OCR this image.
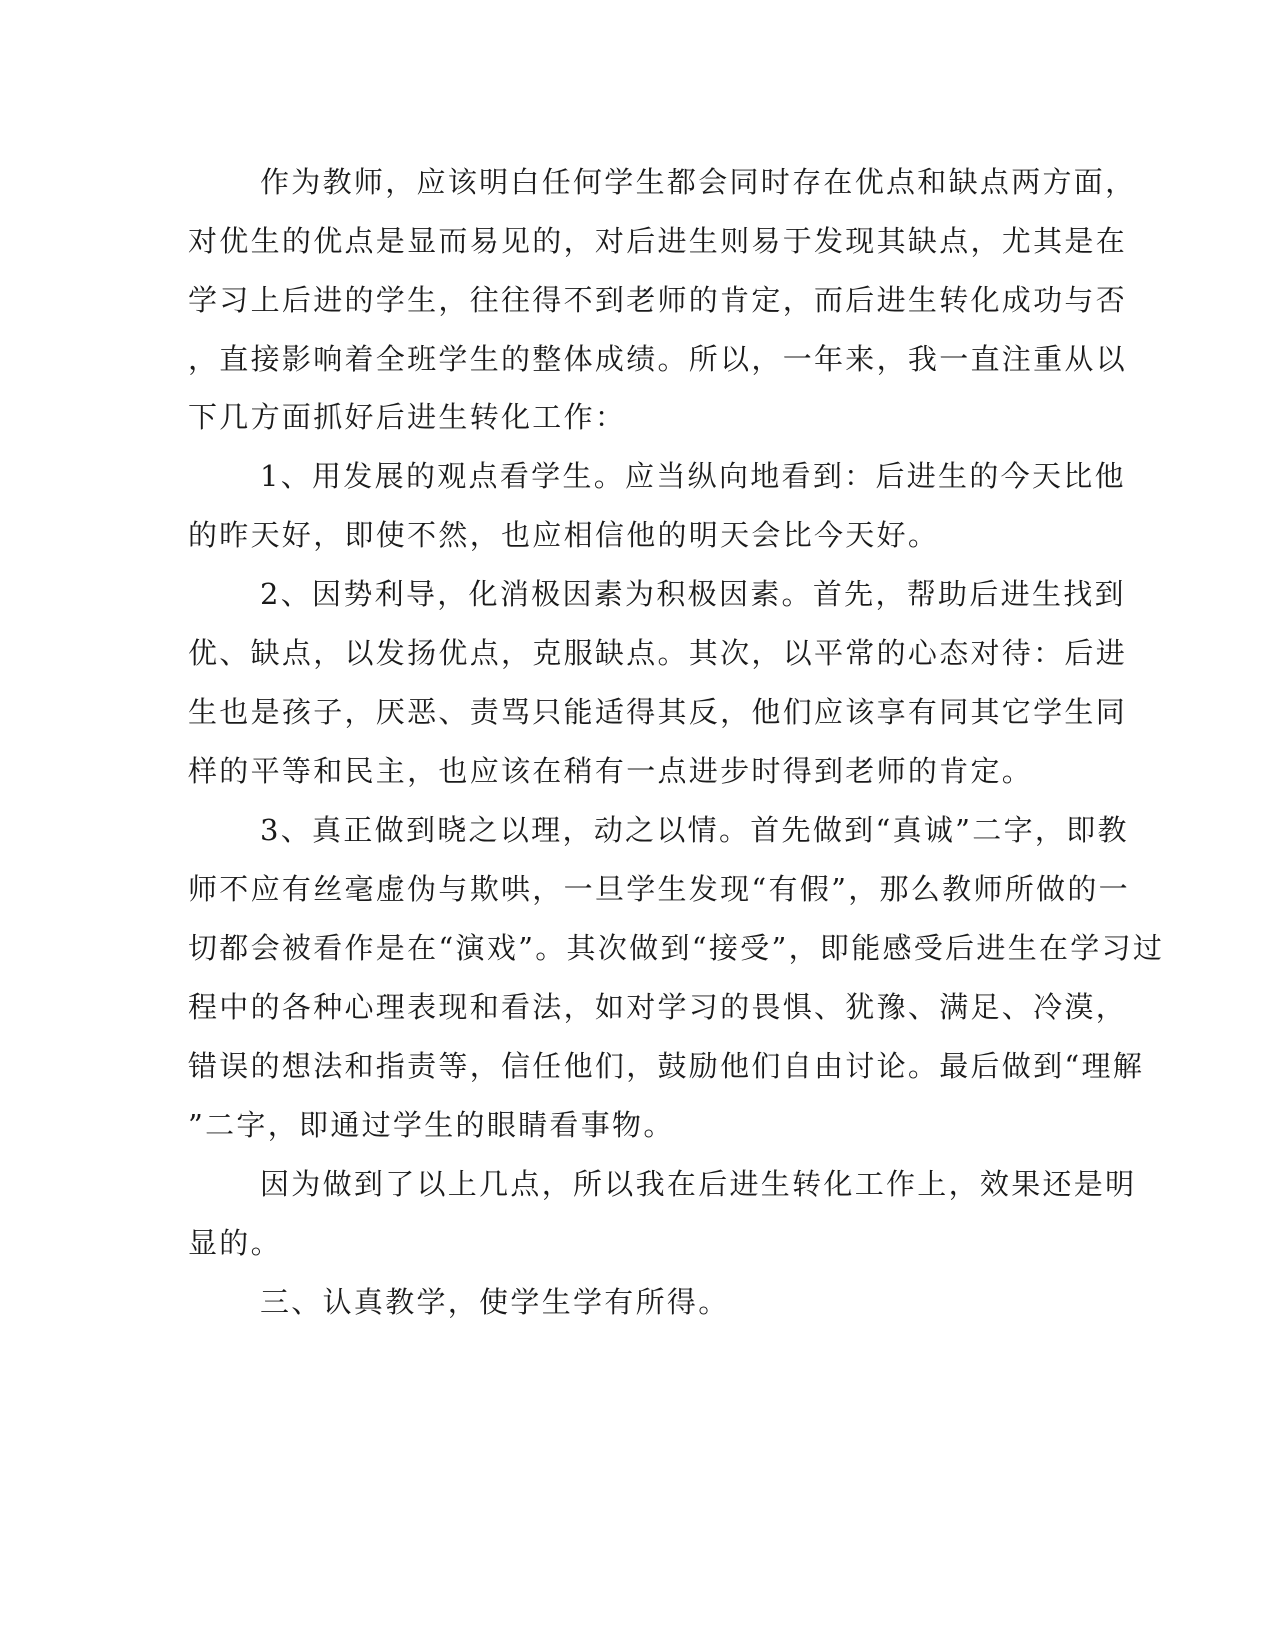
作为教师，应该明白任何学生都会同时存在优点和缺点两方面，
对优生的优点是显而易见的，对后进生则易于发现其缺点，尤其是在
学习上后进的学生，往往得不到老师的肯定，而后进生转化成功与否
，直接影响着全班学生的整体成绩。所以，一年来，我一直注重从以
下几方面抓好后进生转化工作：
1、用发展的观点看学生。应当纵向地看到：后进生的今天比他
的昨天好，即使不然，也应相信他的明天会比今天好。
2、因势利导，化消极因素为积极因素。首先，帮助后进生找到
优、缺点，以发扬优点，克服缺点。其次，以平常的心态对待：后进
生也是孩子，厌恶、责骂只能适得其反，他们应该享有同其它学生同
样的平等和民主，也应该在稍有一点进步时得到老师的肯定。
3、真正做到晓之以理，动之以情。首先做到“真诚”二字，即教
师不应有丝毫虚伪与欺哄，一旦学生发现“有假”，那么教师所做的一
切都会被看作是在“演戏”。其次做到“接受”，即能感受后进生在学习过
程中的各种心理表现和看法，如对学习的畏惧、犹豫、满足、冷漠，
错误的想法和指责等，信任他们，鼓励他们自由讨论。最后做到“理解
”二字，即通过学生的眼睛看事物。
因为做到了以上几点，所以我在后进生转化工作上，效果还是明
显的。
三、认真教学，使学生学有所得。
